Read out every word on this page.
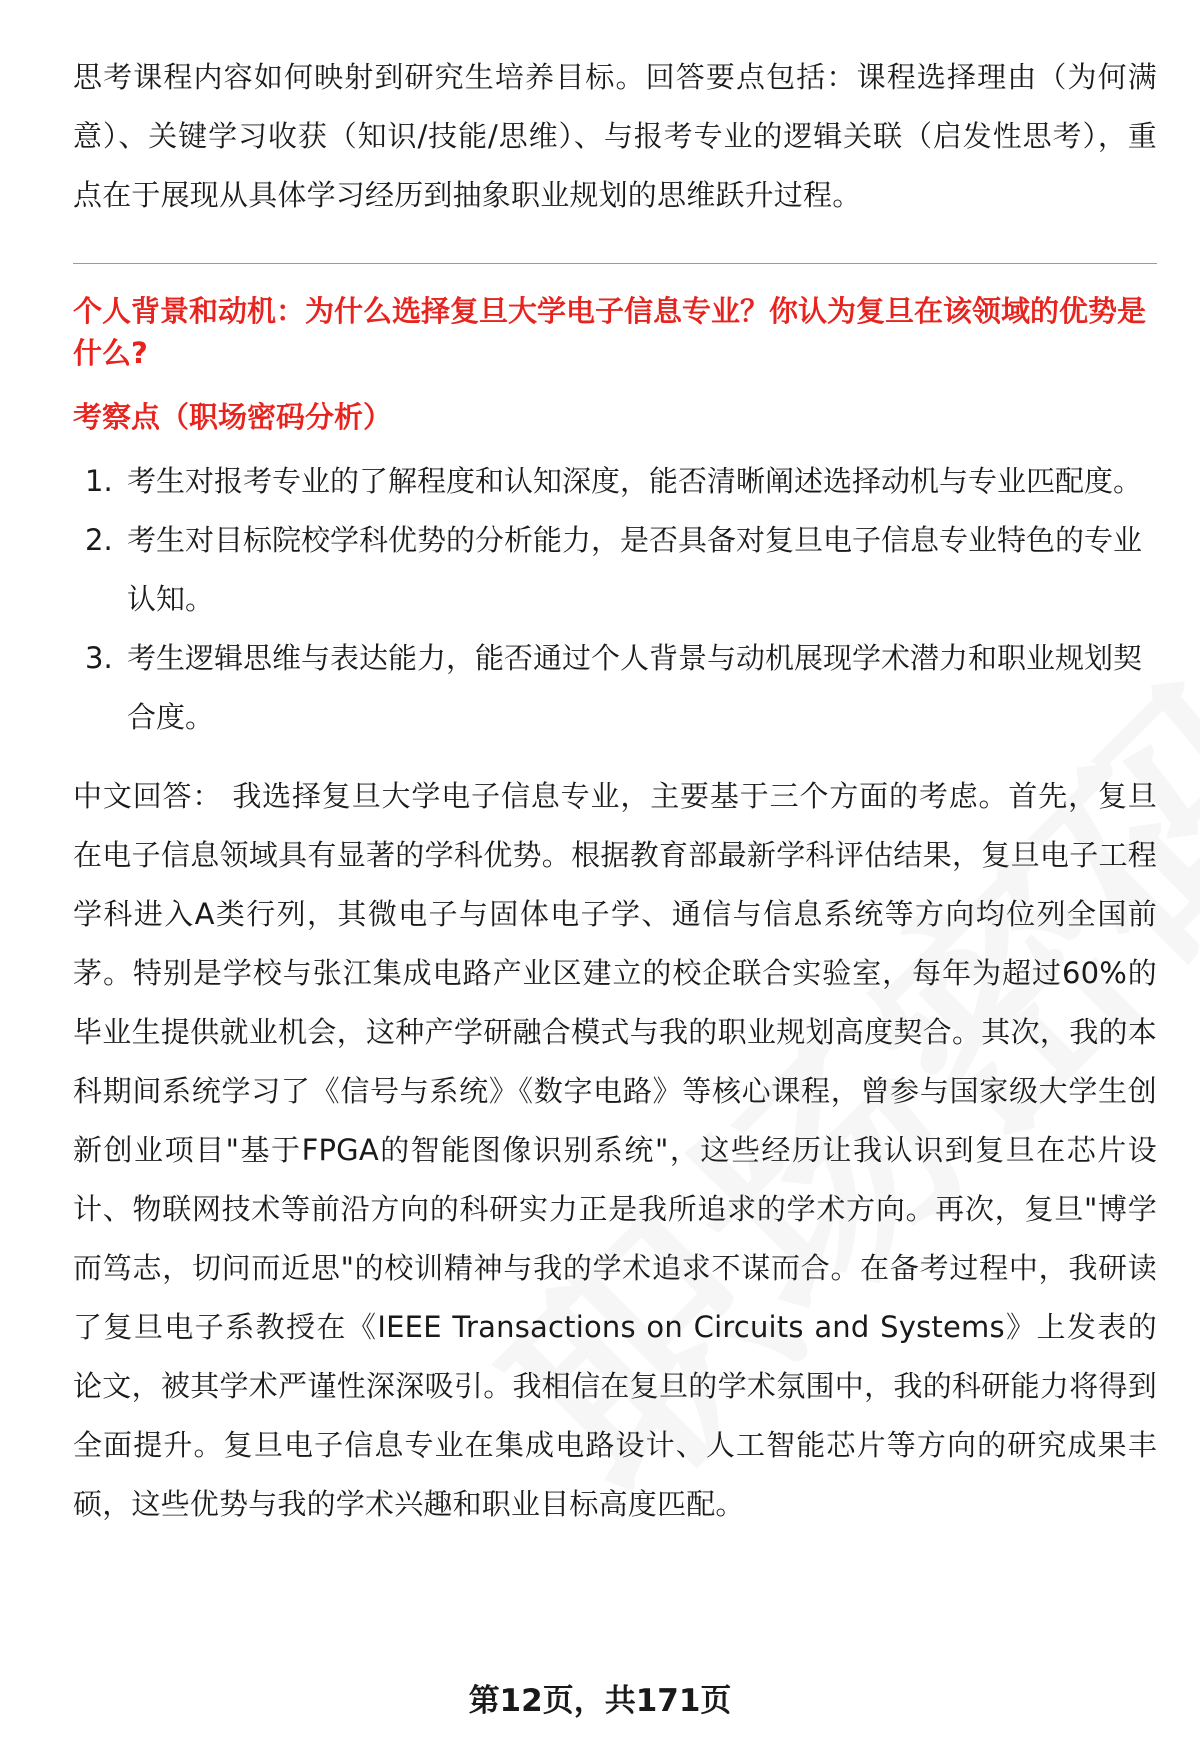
思考课程内容如何映射到研究生培养目标。回答要点包括：课程选择理由（为何满意）、关键学习收获（知识/技能/思维）、与报考专业的逻辑关联（启发性思考），重点在于展现从具体学习经历到抽象职业规划的思维跃升过程。

个人背景和动机：为什么选择复旦大学电子信息专业？你认为复旦在该领域的优势是什么?
考察点（职场密码分析）
1. 考生对报考专业的了解程度和认知深度，能否清晰阐述选择动机与专业匹配度。
2. 考生对目标院校学科优势的分析能力，是否具备对复旦电子信息专业特色的专业认知。
3. 考生逻辑思维与表达能力，能否通过个人背景与动机展现学术潜力和职业规划契合度。

中文回答： 我选择复旦大学电子信息专业，主要基于三个方面的考虑。首先，复旦在电子信息领域具有显著的学科优势。根据教育部最新学科评估结果，复旦电子工程学科进入A类行列，其微电子与固体电子学、通信与信息系统等方向均位列全国前茅。特别是学校与张江集成电路产业区建立的校企联合实验室，每年为超过60%的毕业生提供就业机会，这种产学研融合模式与我的职业规划高度契合。其次，我的本科期间系统学习了《信号与系统》《数字电路》等核心课程，曾参与国家级大学生创新创业项目"基于FPGA的智能图像识别系统"，这些经历让我认识到复旦在芯片设计、物联网技术等前沿方向的科研实力正是我所追求的学术方向。再次，复旦"博学而笃志，切问而近思"的校训精神与我的学术追求不谋而合。在备考过程中，我研读了复旦电子系教授在《IEEE Transactions on Circuits and Systems》上发表的论文，被其学术严谨性深深吸引。我相信在复旦的学术氛围中，我的科研能力将得到全面提升。复旦电子信息专业在集成电路设计、人工智能芯片等方向的研究成果丰硕，这些优势与我的学术兴趣和职业目标高度匹配。

第12页，共171页
